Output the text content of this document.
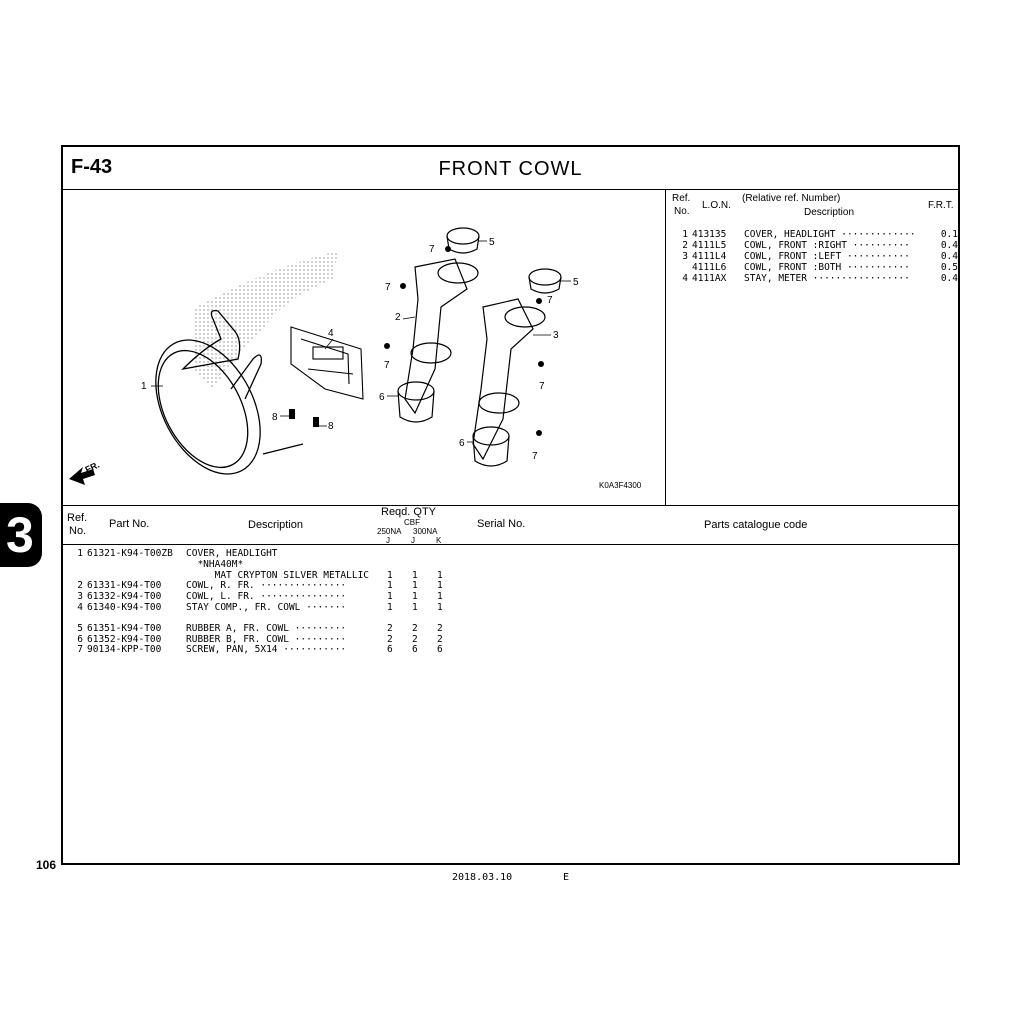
3
F-43	FRONT COWL
1
2
3
4
5
5
6
6
7
7
7
7
7
7
8
8
FR.
K0A3F4300
Ref.
No.
L.O.N.
(Relative ref. Number)
Description
F.R.T.
1 413135 COVER, HEADLIGHT ·············	0.1
2 4111L5 COWL, FRONT :RIGHT ··········	0.4
3 4111L4 COWL, FRONT :LEFT ···········	0.4
4111L6 COWL, FRONT :BOTH ···········	0.5
4 4111AX STAY, METER ·················	0.4
Ref.
No.
Part No.	Description
Reqd. QTY
CBF
250NA 300NA
J	J	K
Serial No.	Parts catalogue code
1 61321-K94-T00ZB COVER, HEADLIGHT
*NHA40M*
MAT CRYPTON SILVER METALLIC 1 1 1
2 61331-K94-T00	COWL, R. FR. ···············	1 1 1
3 61332-K94-T00	COWL, L. FR. ···············	1 1 1
4 61340-K94-T00	STAY COMP., FR. COWL ·······	1 1 1
5 61351-K94-T00	RUBBER A, FR. COWL ·········	2 2 2
6 61352-K94-T00	RUBBER B, FR. COWL ·········	2 2 2
7 90134-KPP-T00	SCREW, PAN, 5X14 ···········	6 6 6
106
2018.03.10	E
